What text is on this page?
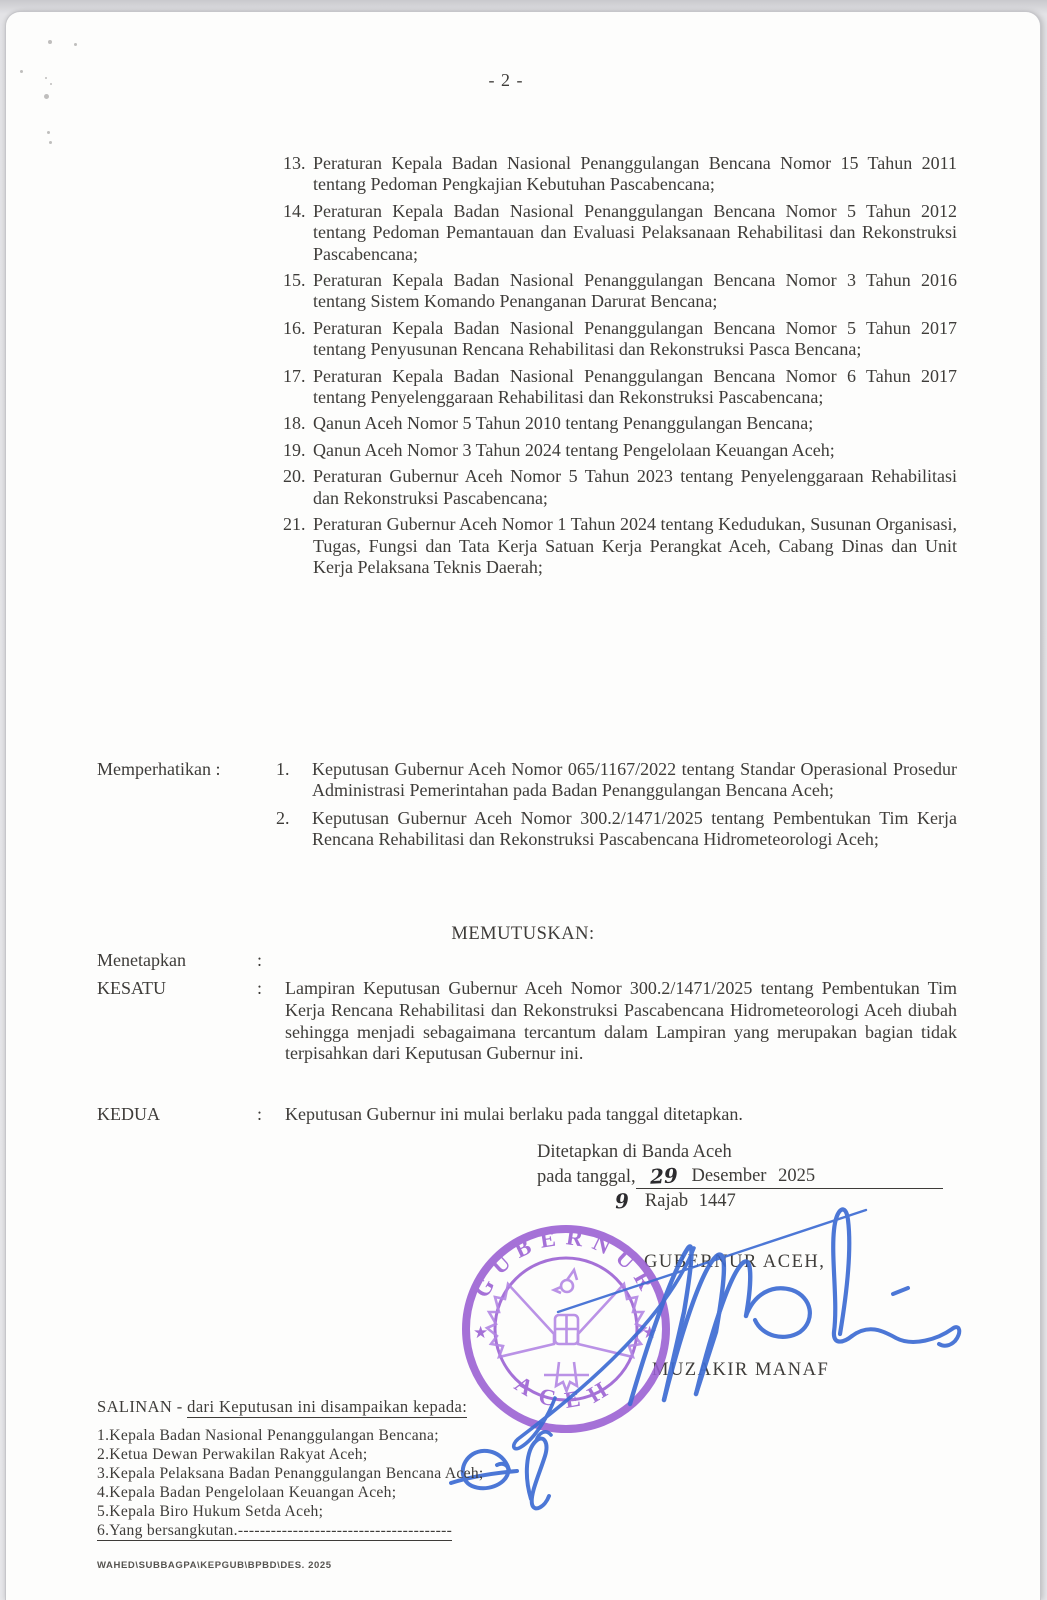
- 2 -
13. Peraturan Kepala Badan Nasional Penanggulangan Bencana Nomor 15 Tahun 2011 tentang Pedoman Pengkajian Kebutuhan Pascabencana;
14. Peraturan Kepala Badan Nasional Penanggulangan Bencana Nomor 5 Tahun 2012 tentang Pedoman Pemantauan dan Evaluasi Pelaksanaan Rehabilitasi dan Rekonstruksi Pascabencana;
15. Peraturan Kepala Badan Nasional Penanggulangan Bencana Nomor 3 Tahun 2016 tentang Sistem Komando Penanganan Darurat Bencana;
16. Peraturan Kepala Badan Nasional Penanggulangan Bencana Nomor 5 Tahun 2017 tentang Penyusunan Rencana Rehabilitasi dan Rekonstruksi Pasca Bencana;
17. Peraturan Kepala Badan Nasional Penanggulangan Bencana Nomor 6 Tahun 2017 tentang Penyelenggaraan Rehabilitasi dan Rekonstruksi Pascabencana;
18. Qanun Aceh Nomor 5 Tahun 2010 tentang Penanggulangan Bencana;
19. Qanun Aceh Nomor 3 Tahun 2024 tentang Pengelolaan Keuangan Aceh;
20. Peraturan Gubernur Aceh Nomor 5 Tahun 2023 tentang Penyelenggaraan Rehabilitasi dan Rekonstruksi Pascabencana;
21. Peraturan Gubernur Aceh Nomor 1 Tahun 2024 tentang Kedudukan, Susunan Organisasi, Tugas, Fungsi dan Tata Kerja Satuan Kerja Perangkat Aceh, Cabang Dinas dan Unit Kerja Pelaksana Teknis Daerah;
Memperhatikan :	1.	Keputusan Gubernur Aceh Nomor 065/1167/2022 tentang Standar Operasional Prosedur Administrasi Pemerintahan pada Badan Penanggulangan Bencana Aceh;
2.	Keputusan Gubernur Aceh Nomor 300.2/1471/2025 tentang Pembentukan Tim Kerja Rencana Rehabilitasi dan Rekonstruksi Pascabencana Hidrometeorologi Aceh;
MEMUTUSKAN:
Menetapkan	:
KESATU	:	Lampiran Keputusan Gubernur Aceh Nomor 300.2/1471/2025 tentang Pembentukan Tim Kerja Rencana Rehabilitasi dan Rekonstruksi Pascabencana Hidrometeorologi Aceh diubah sehingga menjadi sebagaimana tercantum dalam Lampiran yang merupakan bagian tidak terpisahkan dari Keputusan Gubernur ini.
KEDUA	:	Keputusan Gubernur ini mulai berlaku pada tanggal ditetapkan.
Ditetapkan di Banda Aceh
pada tanggal, 29 Desember 2025
9 Rajab 1447
GUBERNUR ACEH,
MUZAKIR MANAF
GUBERNUR
ACEH
★	★
SALINAN - dari Keputusan ini disampaikan kepada:
1.Kepala Badan Nasional Penanggulangan Bencana;
2.Ketua Dewan Perwakilan Rakyat Aceh;
3.Kepala Pelaksana Badan Penanggulangan Bencana Aceh;
4.Kepala Badan Pengelolaan Keuangan Aceh;
5.Kepala Biro Hukum Setda Aceh;
6.Yang bersangkutan.---------------------------------------
WAHED\SUBBAGPA\KEPGUB\BPBD\DES. 2025
